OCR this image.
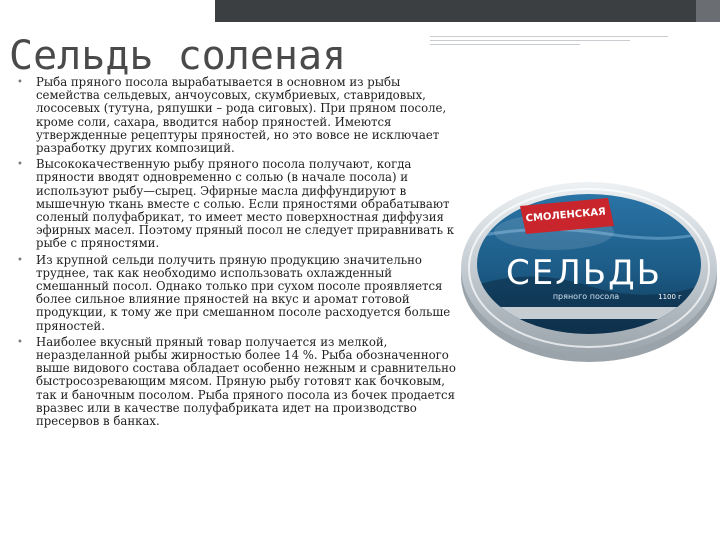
Сельдь соленая
• Рыба пряного посола вырабатывается в основном из рыбы семейства сельдевых, анчоусовых, скумбриевых, ставридовых, лососевых (тутуна, ряпушки – рода сиговых). При пряном посоле, кроме соли, сахара, вводится набор пряностей. Имеются утвержденные рецептуры пряностей, но это вовсе не исключает разработку других композиций.
• Высококачественную рыбу пряного посола получают, когда пряности вводят одновременно с солью (в начале посола) и используют рыбу—сырец. Эфирные масла диффундируют в мышечную ткань вместе с солью. Если пряностями обрабатывают соленый полуфабрикат, то имеет место поверхностная диффузия эфирных масел. Поэтому пряный посол не следует приравнивать к рыбе с пряностями.
• Из крупной сельди получить пряную продукцию значительно труднее, так как необходимо использовать охлажденный смешанный посол. Однако только при сухом посоле проявляется более сильное влияние пряностей на вкус и аромат готовой продукции, к тому же при смешанном посоле расходуется больше пряностей.
• Наиболее вкусный пряный товар получается из мелкой, неразделанной рыбы жирностью более 14 %. Рыба обозначенного выше видового состава обладает особенно нежным и сравнительно быстросозревающим мясом. Пряную рыбу готовят как бочковым, так и баночным посолом. Рыба пряного посола из бочек продается вразвес или в качестве полуфабриката идет на производство пресервов в банках.
СМОЛЕНСКАЯ
СЕЛЬДЬ
пряного посола	1100 г
